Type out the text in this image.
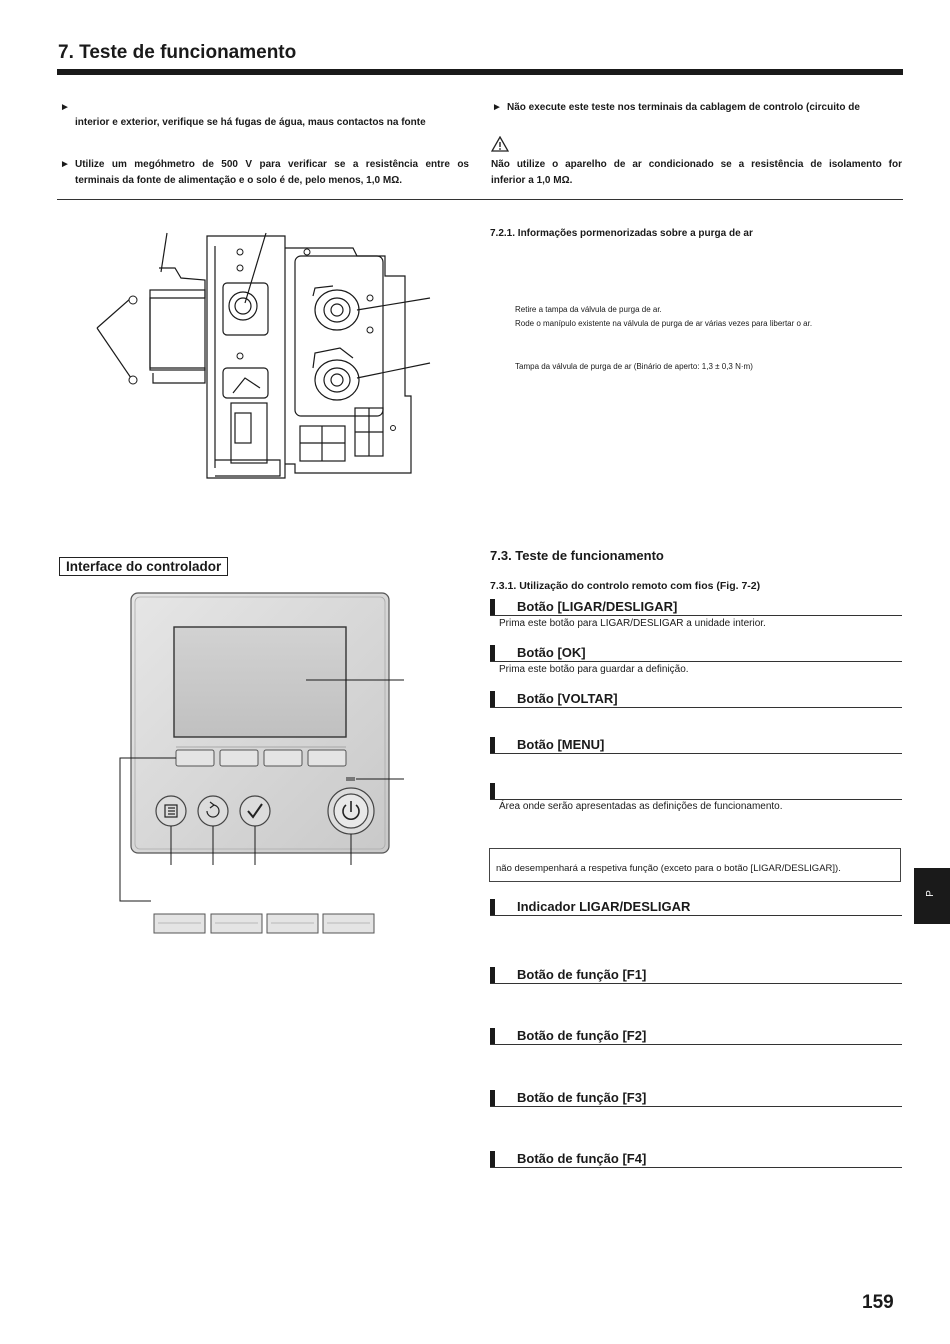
7. Teste de funcionamento
►
interior e exterior, verifique se há fugas de água, maus contactos na fonte
► Utilize um megóhmetro de 500 V para verificar se a resistência entre os
terminais da fonte de alimentação e o solo é de, pelo menos, 1,0 MΩ.
► Não execute este teste nos terminais da cablagem de controlo (circuito de
Não utilize o aparelho de ar condicionado se a resistência de isolamento for
inferior a 1,0 MΩ.
7.2.1. Informações pormenorizadas sobre a purga de ar
Retire a tampa da válvula de purga de ar.
Rode o manípulo existente na válvula de purga de ar várias vezes para libertar o ar.
Tampa da válvula de purga de ar (Binário de aperto: 1,3 ± 0,3 N·m)
Interface do controlador
7.3. Teste de funcionamento
7.3.1. Utilização do controlo remoto com fios (Fig. 7-2)
Botão [LIGAR/DESLIGAR]
Prima este botão para LIGAR/DESLIGAR a unidade interior.
Botão [OK]
Prima este botão para guardar a definição.
Botão [VOLTAR]
Botão [MENU]
Área onde serão apresentadas as definições de funcionamento.
não desempenhará a respetiva função (exceto para o botão [LIGAR/DESLIGAR]).
Indicador LIGAR/DESLIGAR
Botão de função [F1]
Botão de função [F2]
Botão de função [F3]
Botão de função [F4]
P
159
